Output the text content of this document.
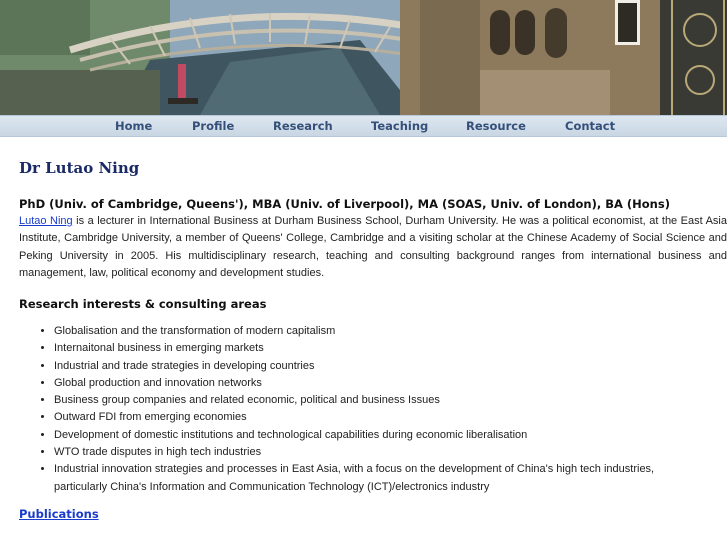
Home	Profile	Research	Teaching	Resource	Contact
Dr Lutao Ning

PhD (Univ. of Cambridge, Queens'), MBA (Univ. of Liverpool), MA (SOAS, Univ. of London), BA (Hons)

Lutao Ning is a lecturer in International Business at Durham Business School, Durham University. He was a political economist, at the East Asia Institute, Cambridge University, a member of Queens' College, Cambridge and a visiting scholar at the Chinese Academy of Social Science and Peking University in 2005. His multidisciplinary research, teaching and consulting background ranges from international business and management, law, political economy and development studies.

Research interests & consulting areas

• Globalisation and the transformation of modern capitalism
• Internaitonal business in emerging markets
• Industrial and trade strategies in developing countries
• Global production and innovation networks
• Business group companies and related economic, political and business Issues
• Outward FDI from emerging economies
• Development of domestic institutions and technological capabilities during economic liberalisation
• WTO trade disputes in high tech industries
• Industrial innovation strategies and processes in East Asia, with a focus on the development of China's high tech industries, particularly China's Information and Communication Technology (ICT)/electronics industry
Publications
